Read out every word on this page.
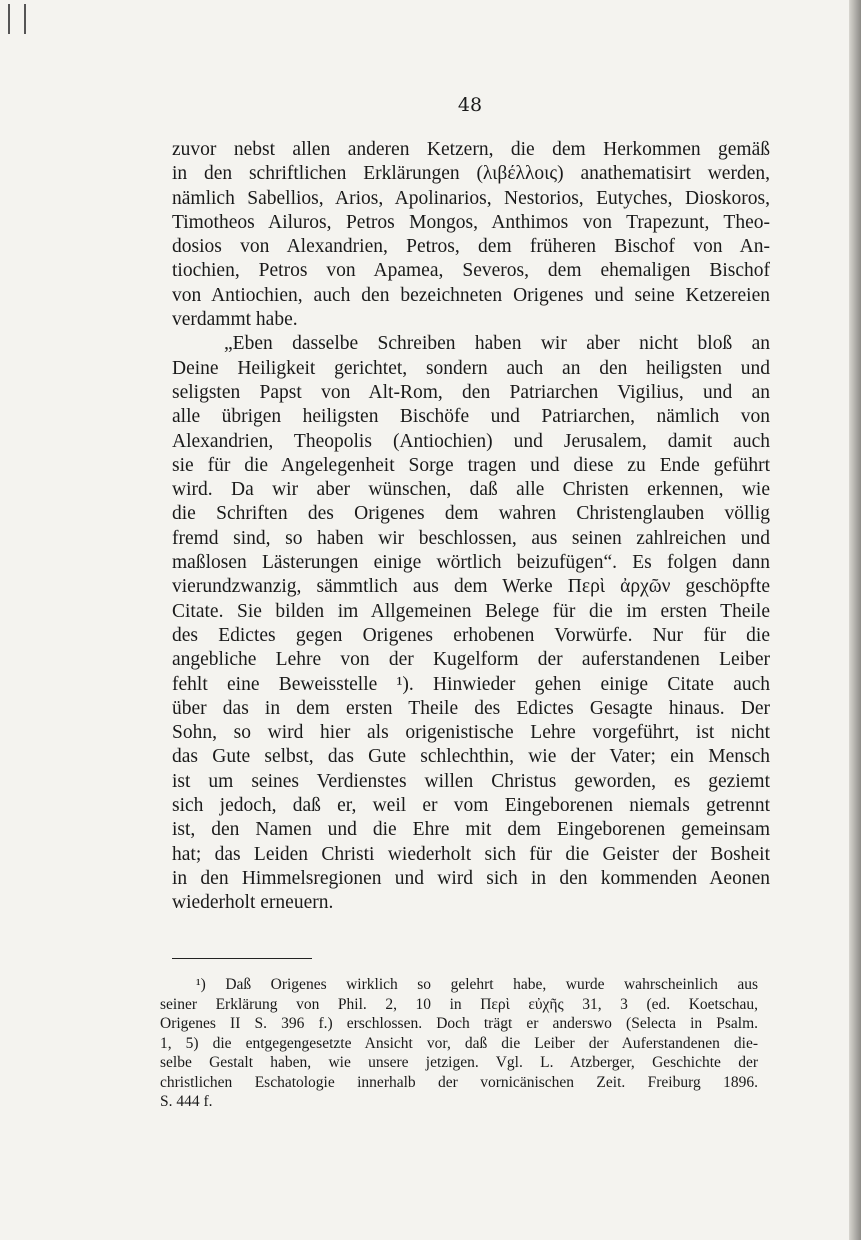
48
zuvor nebst allen anderen Ketzern, die dem Herkommen gemäß
in den schriftlichen Erklärungen (λιβέλλοις) anathematisirt werden,
nämlich Sabellios, Arios, Apolinarios, Nestorios, Eutyches, Dioskoros,
Timotheos Ailuros, Petros Mongos, Anthimos von Trapezunt, Theo-
dosios von Alexandrien, Petros, dem früheren Bischof von An-
tiochien, Petros von Apamea, Severos, dem ehemaligen Bischof
von Antiochien, auch den bezeichneten Origenes und seine Ketzereien
verdammt habe.
„Eben dasselbe Schreiben haben wir aber nicht bloß an
Deine Heiligkeit gerichtet, sondern auch an den heiligsten und
seligsten Papst von Alt-Rom, den Patriarchen Vigilius, und an
alle übrigen heiligsten Bischöfe und Patriarchen, nämlich von
Alexandrien, Theopolis (Antiochien) und Jerusalem, damit auch
sie für die Angelegenheit Sorge tragen und diese zu Ende geführt
wird. Da wir aber wünschen, daß alle Christen erkennen, wie
die Schriften des Origenes dem wahren Christenglauben völlig
fremd sind, so haben wir beschlossen, aus seinen zahlreichen und
maßlosen Lästerungen einige wörtlich beizufügen“. Es folgen dann
vierundzwanzig, sämmtlich aus dem Werke Περὶ ἀρχῶν geschöpfte
Citate. Sie bilden im Allgemeinen Belege für die im ersten Theile
des Edictes gegen Origenes erhobenen Vorwürfe. Nur für die
angebliche Lehre von der Kugelform der auferstandenen Leiber
fehlt eine Beweisstelle ¹). Hinwieder gehen einige Citate auch
über das in dem ersten Theile des Edictes Gesagte hinaus. Der
Sohn, so wird hier als origenistische Lehre vorgeführt, ist nicht
das Gute selbst, das Gute schlechthin, wie der Vater; ein Mensch
ist um seines Verdienstes willen Christus geworden, es geziemt
sich jedoch, daß er, weil er vom Eingeborenen niemals getrennt
ist, den Namen und die Ehre mit dem Eingeborenen gemeinsam
hat; das Leiden Christi wiederholt sich für die Geister der Bosheit
in den Himmelsregionen und wird sich in den kommenden Aeonen
wiederholt erneuern.
¹) Daß Origenes wirklich so gelehrt habe, wurde wahrscheinlich aus
seiner Erklärung von Phil. 2, 10 in Περὶ εὐχῆς 31, 3 (ed. Koetschau,
Origenes II S. 396 f.) erschlossen. Doch trägt er anderswo (Selecta in Psalm.
1, 5) die entgegengesetzte Ansicht vor, daß die Leiber der Auferstandenen die-
selbe Gestalt haben, wie unsere jetzigen. Vgl. L. Atzberger, Geschichte der
christlichen Eschatologie innerhalb der vornicänischen Zeit. Freiburg 1896.
S. 444 f.
